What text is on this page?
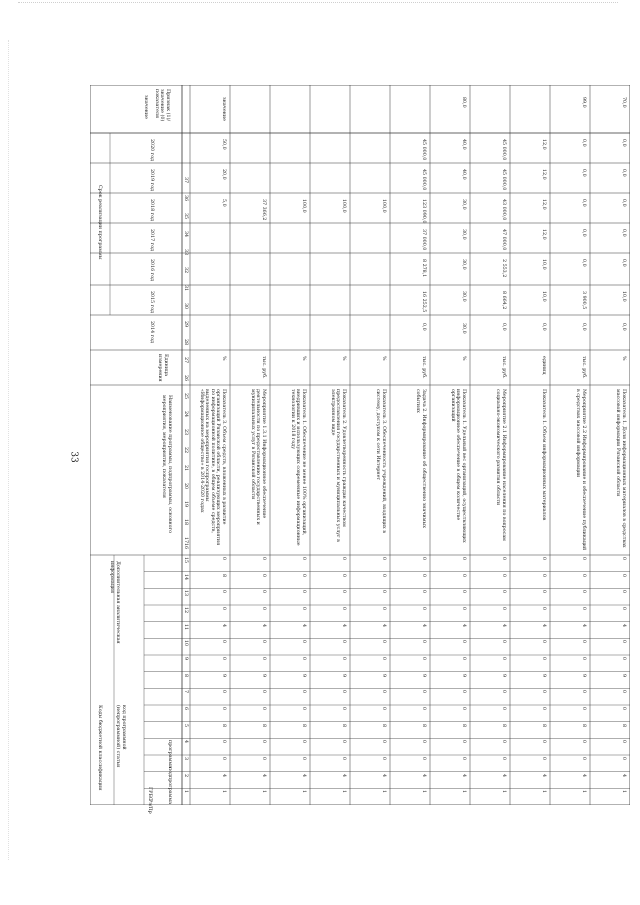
33
Признак (1)/значение (0) показателя
значение
Срок реализации программы
2020 год
2019 год
2018 год
2017 год
2016 год
2015 год
2014 год
Единица измерения
Наименование программы, подпрограммы, основного мероприятия, мероприятия, показателя
Дополнительная аналитическая информация
Коды бюджетной классификации	код программной (непрограммной) статьи	программа
подпрограмма
ГРБС
Рз/Пр
1
2
3
4
5
6
7
8
9
10
11
12
13
14
15
16
17
18
19
20
21
22
23
24
25
26
27
28
29
30
31
32
33
34
35
36
37
Показатель 3. Объем средств, вложенных в развитие организаций Рязанской области, реализующих мероприятия по информационной политике, в общем объеме средств, выделенных на мероприятия госпрограммы «Информационное общество» в 2014-2020 годах
%
50,0
20,0
5,0
значение
1
4
0
0
8
0
0
9
0
0
4
0
0
8
0
Мероприятие 1.3.1 Информационное обеспечение деятельности по предоставлению государственных и муниципальных услуг в Рязанской области
тыс. руб.
37 366,2
1
4
0
0
8
0
0
9
0
0
4
0
0
0
0
Показатель 1. Обеспечение не менее 100% организаций, внедривших и использующих современные информационные технологии к 2018 году
%
100,0
1
4
0
0
8
0
0
9
0
0
4
0
0
0
0
Показатель 2. Удовлетворенность граждан качеством предоставления государственных и муниципальных услуг в электронном виде
%
100,0
1
4
0
0
8
0
0
9
0
0
4
0
0
0
0
Показатель 3. Обеспеченность учреждений, входящих в систему, доступом к сети Интернет
%
100,0
1
4
0
0
8
0
0
9
0
0
4
0
0
0
0
Задача 2. Информирование об общественно значимых событиях
тыс. руб.
0,0
45 000,0
45 000,0
123 090,0
37 000,0
8 278,1
16 252,5
1
4
0
0
8
0
0
9
0
0
4
0
0
0
0
Показатель 1. Удельный вес организаций, осуществляющих информационное обеспечение в общем количестве организаций
%
30,0
40,0
40,0
30,0
30,0
30,0
30,0
80,0
1
4
0
0
8
0
0
9
0
0
4
0
0
0
0
Мероприятие 2.1 Информирование населения по вопросам социально-экономического развития области
тыс. руб.
0,0
45 000,0
45 000,0
43 000,0
47 000,0
2 553,2
8 664,2
1
4
0
0
8
0
0
9
0
0
4
0
0
0
0
Показатель 1. Объем информационных материалов
единиц
0,0
12,0
12,0
12,0
12,0
10,0
10,0
1
4
0
0
8
0
0
9
0
0
4
0
0
0
0
Мероприятие 2.2 Информирование и обеспечение публикаций в средствах массовой информации
тыс. руб.
0,0
0,0
0,0
0,0
0,0
0,0
3 900,5
99,0
1
4
0
0
8
0
0
9
0
0
4
0
0
0
0
Показатель 1. Доля информационных материалов в средствах массовой информации Рязанской области
%
0,0
0,0
0,0
0,0
0,0
0,0
10,0
70,0
1
4
0
0
8
0
0
9
0
0
4
0
0
0
0
